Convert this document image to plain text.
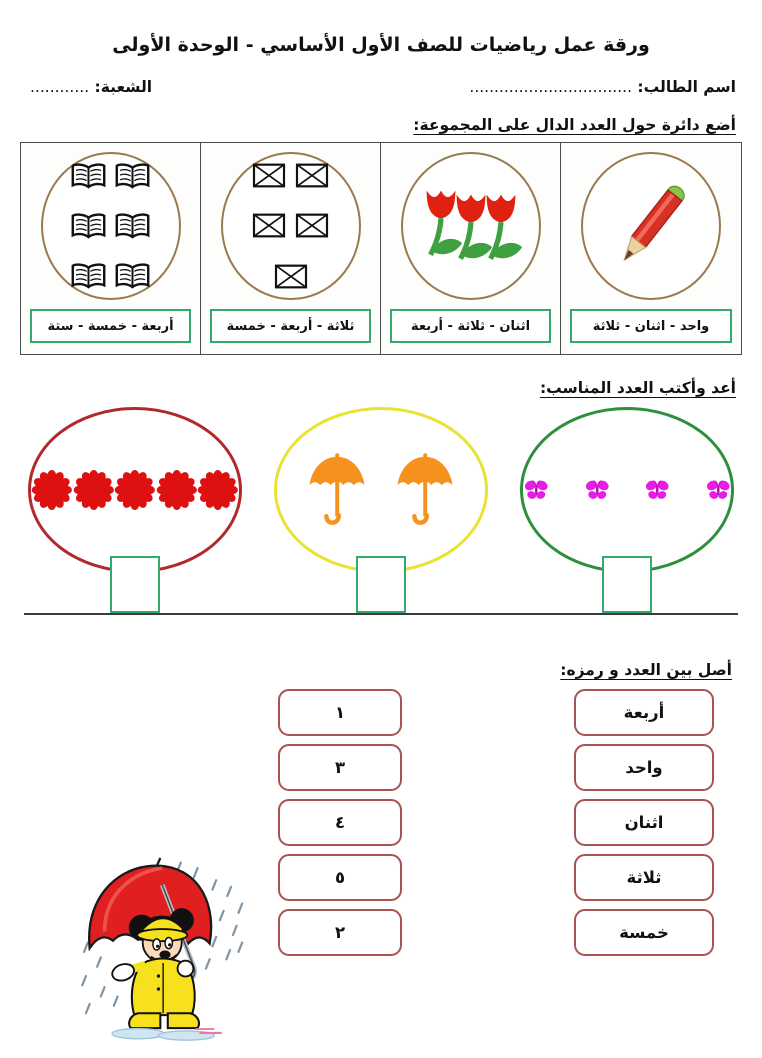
ورقة عمل رياضيات للصف الأول الأساسي - الوحدة الأولى
اسم الطالب: .................................
الشعبة: ............
أضع دائرة حول العدد الدال على المجموعة:
واحد - اثنان - ثلاثة
اثنان - ثلاثة - أربعة
ثلاثة - أربعة - خمسة
أربعة - خمسة - ستة
أعد وأكتب العدد المناسب:
أصل بين العدد و رمزه:
أربعة
واحد
اثنان
ثلاثة
خمسة
١
٣
٤
٥
٢
